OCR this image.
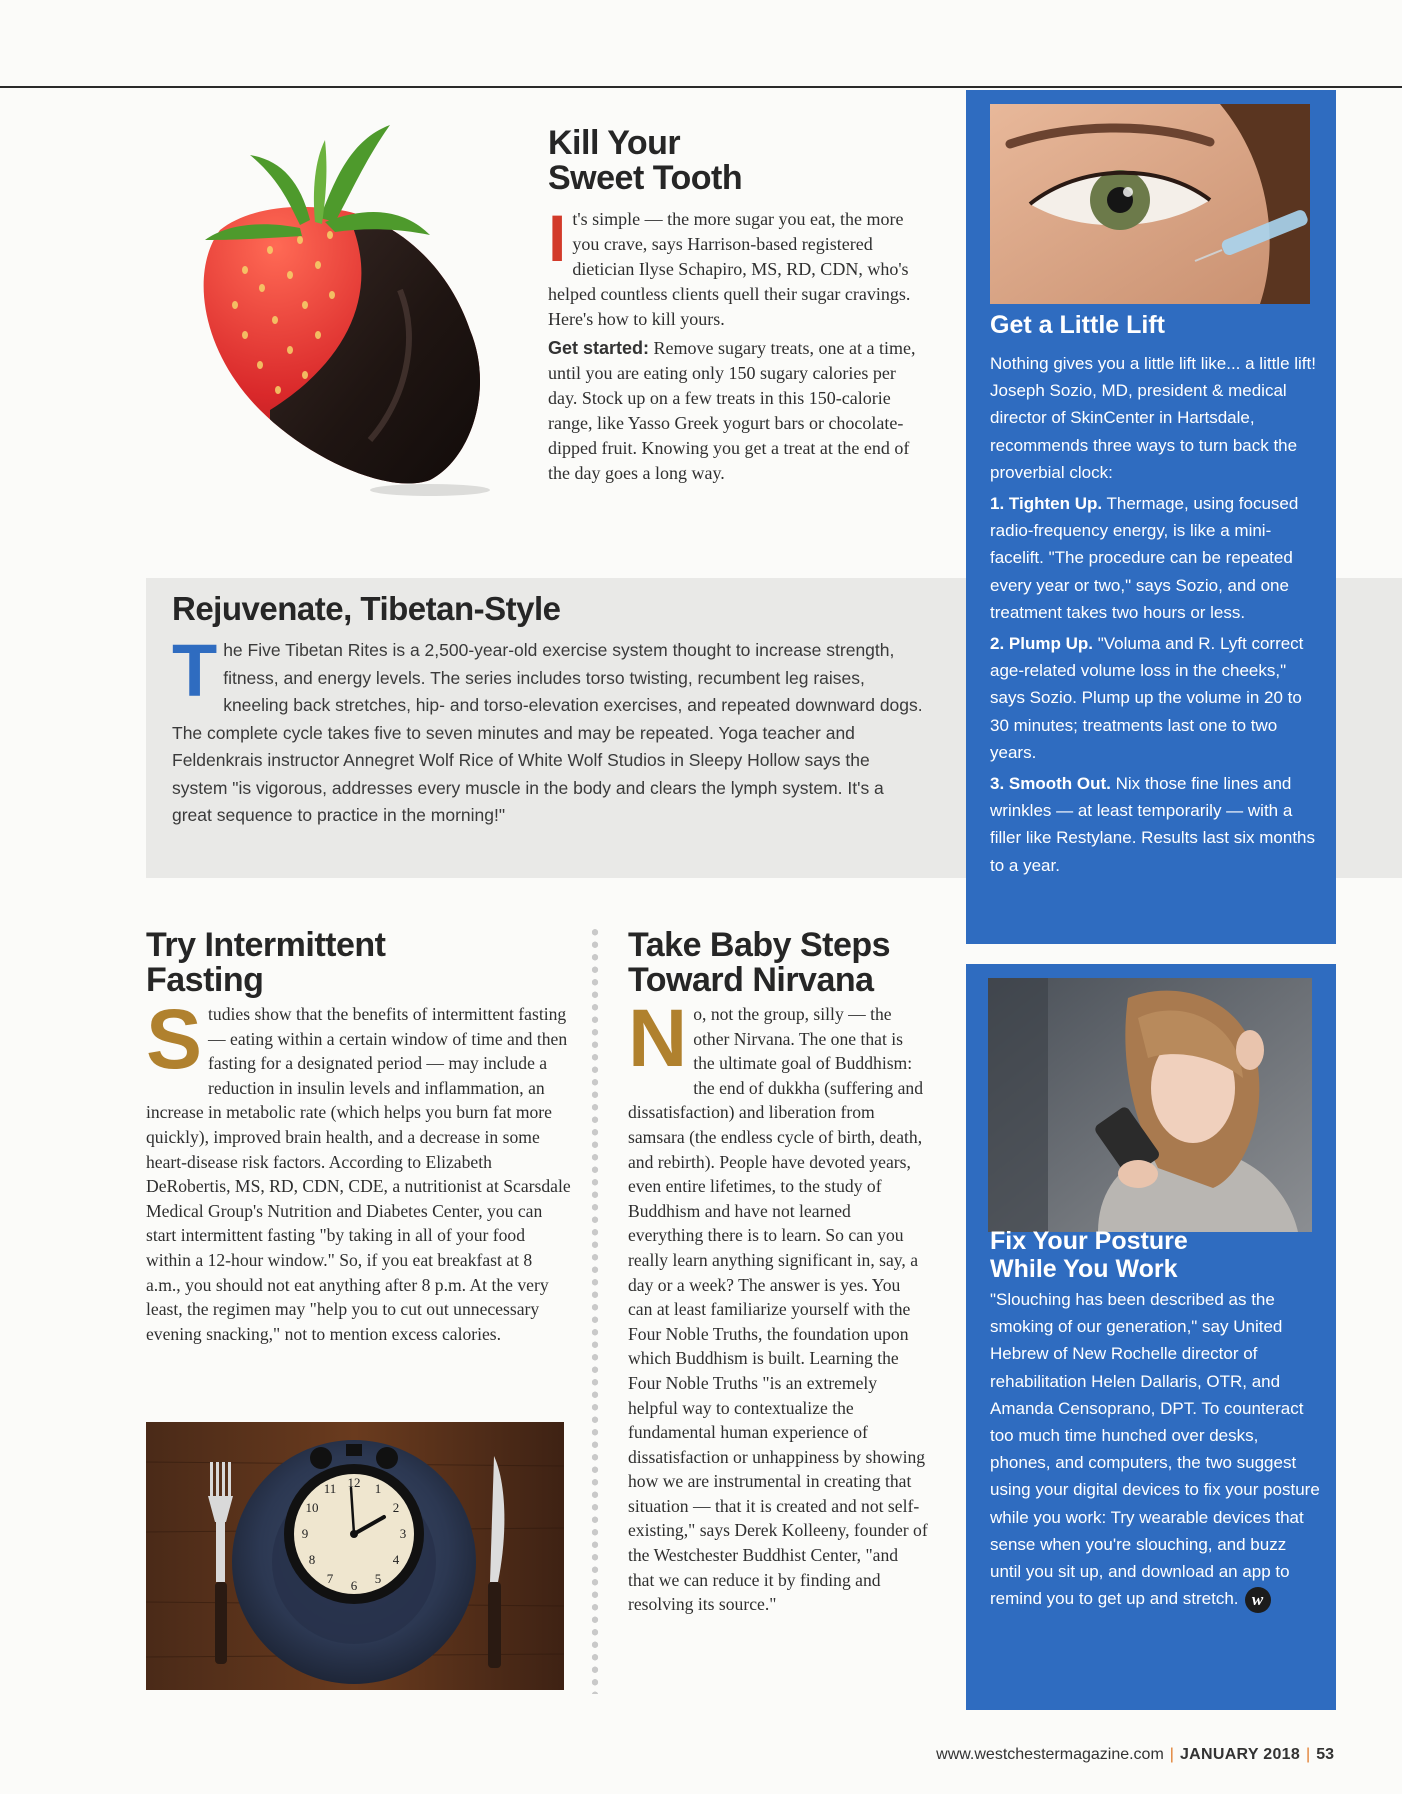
Kill Your
Sweet Tooth

It's simple — the more sugar you eat, the more you crave, says Harrison-based registered dietician Ilyse Schapiro, MS, RD, CDN, who's helped countless clients quell their sugar cravings. Here's how to kill yours.

Get started: Remove sugary treats, one at a time, until you are eating only 150 sugary calories per day. Stock up on a few treats in this 150-calorie range, like Yasso Greek yogurt bars or chocolate-dipped fruit. Knowing you get a treat at the end of the day goes a long way.

Rejuvenate, Tibetan-Style
The Five Tibetan Rites is a 2,500-year-old exercise system thought to increase strength, fitness, and energy levels. The series includes torso twisting, recumbent leg raises, kneeling back stretches, hip- and torso-elevation exercises, and repeated downward dogs. The complete cycle takes five to seven minutes and may be repeated. Yoga teacher and Feldenkrais instructor Annegret Wolf Rice of White Wolf Studios in Sleepy Hollow says the system "is vigorous, addresses every muscle in the body and clears the lymph system. It's a great sequence to practice in the morning!"
Try Intermittent
Fasting
Studies show that the benefits of intermittent fasting — eating within a certain window of time and then fasting for a designated period — may include a reduction in insulin levels and inflammation, an increase in metabolic rate (which helps you burn fat more quickly), improved brain health, and a decrease in some heart-disease risk factors. According to Elizabeth DeRobertis, MS, RD, CDN, CDE, a nutritionist at Scarsdale Medical Group's Nutrition and Diabetes Center, you can start intermittent fasting "by taking in all of your food within a 12-hour window." So, if you eat breakfast at 8 a.m., you should not eat anything after 8 p.m. At the very least, the regimen may "help you to cut out unnecessary evening snacking," not to mention excess calories.
12 1
2
3
4
5
6
7
8
9
10
11
Take Baby Steps
Toward Nirvana
No, not the group, silly — the other Nirvana. The one that is the ultimate goal of Buddhism: the end of dukkha (suffering and dissatisfaction) and liberation from samsara (the endless cycle of birth, death, and rebirth). People have devoted years, even entire lifetimes, to the study of Buddhism and have not learned everything there is to learn. So can you really learn anything significant in, say, a day or a week? The answer is yes. You can at least familiarize yourself with the Four Noble Truths, the foundation upon which Buddhism is built. Learning the Four Noble Truths "is an extremely helpful way to contextualize the fundamental human experience of dissatisfaction or unhappiness by showing how we are instrumental in creating that situation — that it is created and not self-existing," says Derek Kolleeny, founder of the Westchester Buddhist Center, "and that we can reduce it by finding and resolving its source."
Get a Little Lift

Nothing gives you a little lift like... a little lift! Joseph Sozio, MD, president & medical director of SkinCenter in Hartsdale, recommends three ways to turn back the proverbial clock:

1. Tighten Up. Thermage, using focused radio-frequency energy, is like a mini-facelift. "The procedure can be repeated every year or two," says Sozio, and one treatment takes two hours or less.

2. Plump Up. "Voluma and R. Lyft correct age-related volume loss in the cheeks," says Sozio. Plump up the volume in 20 to 30 minutes; treatments last one to two years.

3. Smooth Out. Nix those fine lines and wrinkles — at least temporarily — with a filler like Restylane. Results last six months to a year.

Fix Your Posture
While You Work
"Slouching has been described as the smoking of our generation," say United Hebrew of New Rochelle director of rehabilitation Helen Dallaris, OTR, and Amanda Censoprano, DPT. To counteract too much time hunched over desks, phones, and computers, the two suggest using your digital devices to fix your posture while you work: Try wearable devices that sense when you're slouching, and buzz until you sit up, and download an app to remind you to get up and stretch. w
www.westchestermagazine.com | JANUARY 2018 | 53
